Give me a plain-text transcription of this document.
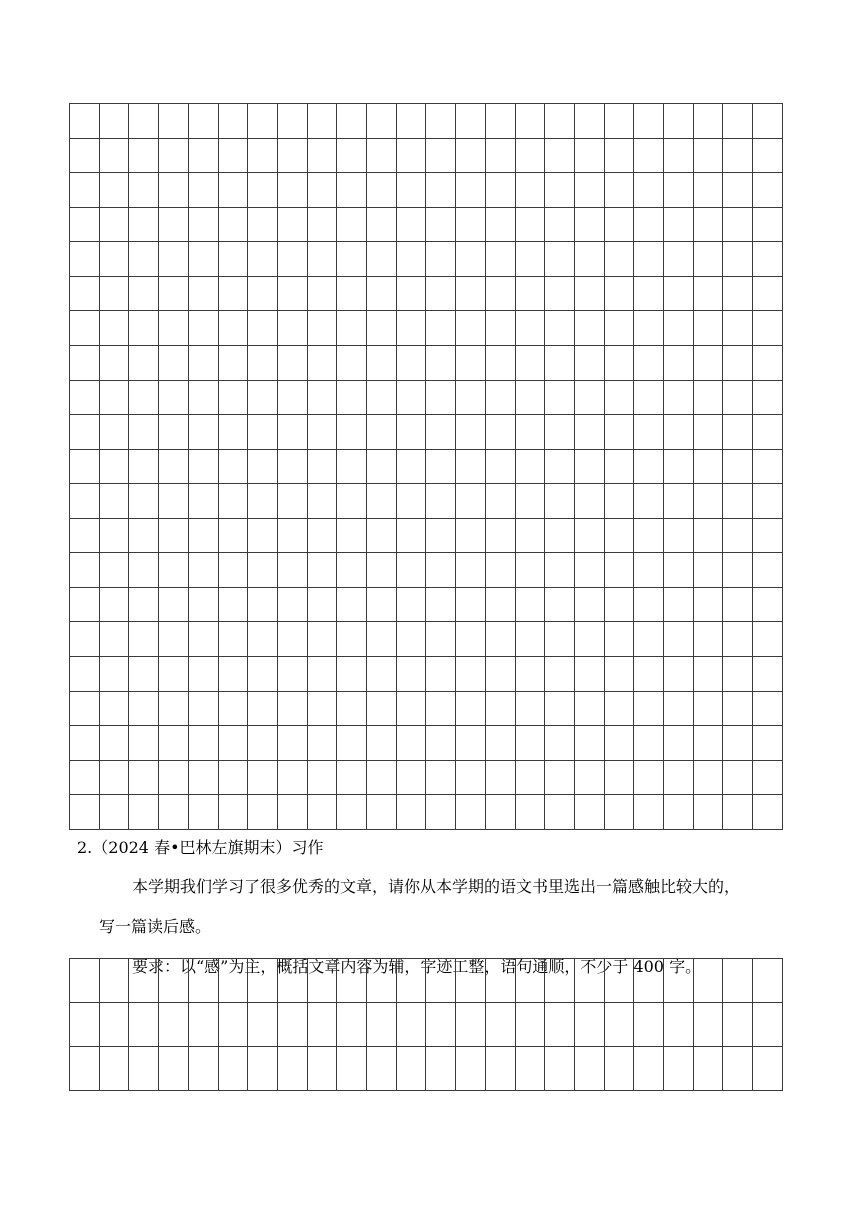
2.（2024 春•巴林左旗期末）习作
本学期我们学习了很多优秀的文章，请你从本学期的语文书里选出一篇感触比较大的，
写一篇读后感。
要求：以“感”为主，概括文章内容为辅，字迹工整，语句通顺，不少于 400 字。
